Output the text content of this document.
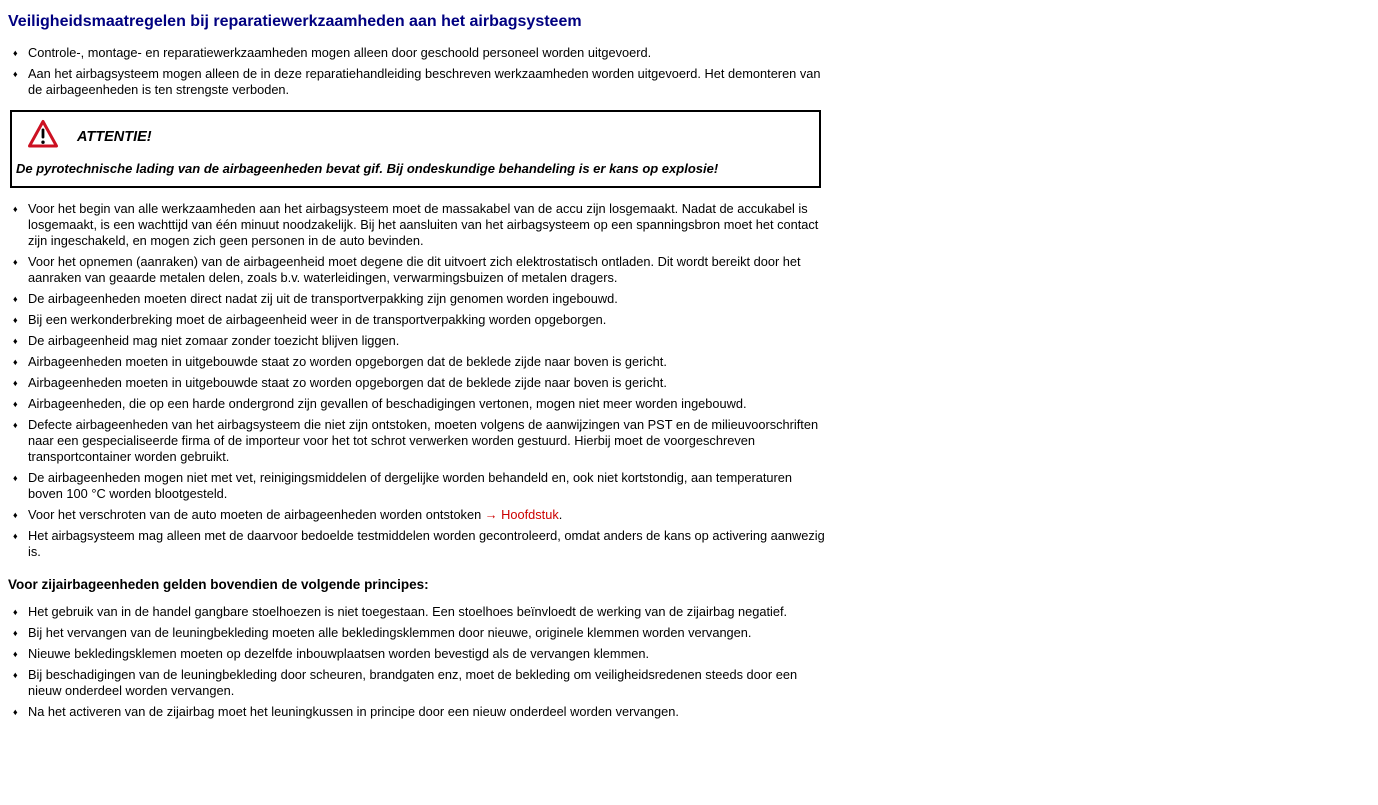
Veiligheidsmaatregelen bij reparatiewerkzaamheden aan het airbagsysteem
♦ Controle-, montage- en reparatiewerkzaamheden mogen alleen door geschoold personeel worden uitgevoerd.
♦ Aan het airbagsysteem mogen alleen de in deze reparatiehandleiding beschreven werkzaamheden worden uitgevoerd. Het demonteren van de airbageenheden is ten strengste verboden.
ATTENTIE!
De pyrotechnische lading van de airbageenheden bevat gif. Bij ondeskundige behandeling is er kans op explosie!
♦ Voor het begin van alle werkzaamheden aan het airbagsysteem moet de massakabel van de accu zijn losgemaakt. Nadat de accukabel is losgemaakt, is een wachttijd van één minuut noodzakelijk. Bij het aansluiten van het airbagsysteem op een spanningsbron moet het contact zijn ingeschakeld, en mogen zich geen personen in de auto bevinden.
♦ Voor het opnemen (aanraken) van de airbageenheid moet degene die dit uitvoert zich elektrostatisch ontladen. Dit wordt bereikt door het aanraken van geaarde metalen delen, zoals b.v. waterleidingen, verwarmingsbuizen of metalen dragers.
♦ De airbageenheden moeten direct nadat zij uit de transportverpakking zijn genomen worden ingebouwd.
♦ Bij een werkonderbreking moet de airbageenheid weer in de transportverpakking worden opgeborgen.
♦ De airbageenheid mag niet zomaar zonder toezicht blijven liggen.
♦ Airbageenheden moeten in uitgebouwde staat zo worden opgeborgen dat de beklede zijde naar boven is gericht.
♦ Airbageenheden moeten in uitgebouwde staat zo worden opgeborgen dat de beklede zijde naar boven is gericht.
♦ Airbageenheden, die op een harde ondergrond zijn gevallen of beschadigingen vertonen, mogen niet meer worden ingebouwd.
♦ Defecte airbageenheden van het airbagsysteem die niet zijn ontstoken, moeten volgens de aanwijzingen van PST en de milieuvoorschriften naar een gespecialiseerde firma of de importeur voor het tot schrot verwerken worden gestuurd. Hierbij moet de voorgeschreven transportcontainer worden gebruikt.
♦ De airbageenheden mogen niet met vet, reinigingsmiddelen of dergelijke worden behandeld en, ook niet kortstondig, aan temperaturen boven 100 °C worden blootgesteld.
♦ Voor het verschroten van de auto moeten de airbageenheden worden ontstoken → Hoofdstuk.
♦ Het airbagsysteem mag alleen met de daarvoor bedoelde testmiddelen worden gecontroleerd, omdat anders de kans op activering aanwezig is.
Voor zijairbageenheden gelden bovendien de volgende principes:
♦ Het gebruik van in de handel gangbare stoelhoezen is niet toegestaan. Een stoelhoes beïnvloedt de werking van de zijairbag negatief.
♦ Bij het vervangen van de leuningbekleding moeten alle bekledingsklemmen door nieuwe, originele klemmen worden vervangen.
♦ Nieuwe bekledingsklemen moeten op dezelfde inbouwplaatsen worden bevestigd als de vervangen klemmen.
♦ Bij beschadigingen van de leuningbekleding door scheuren, brandgaten enz, moet de bekleding om veiligheidsredenen steeds door een nieuw onderdeel worden vervangen.
♦ Na het activeren van de zijairbag moet het leuningkussen in principe door een nieuw onderdeel worden vervangen.
